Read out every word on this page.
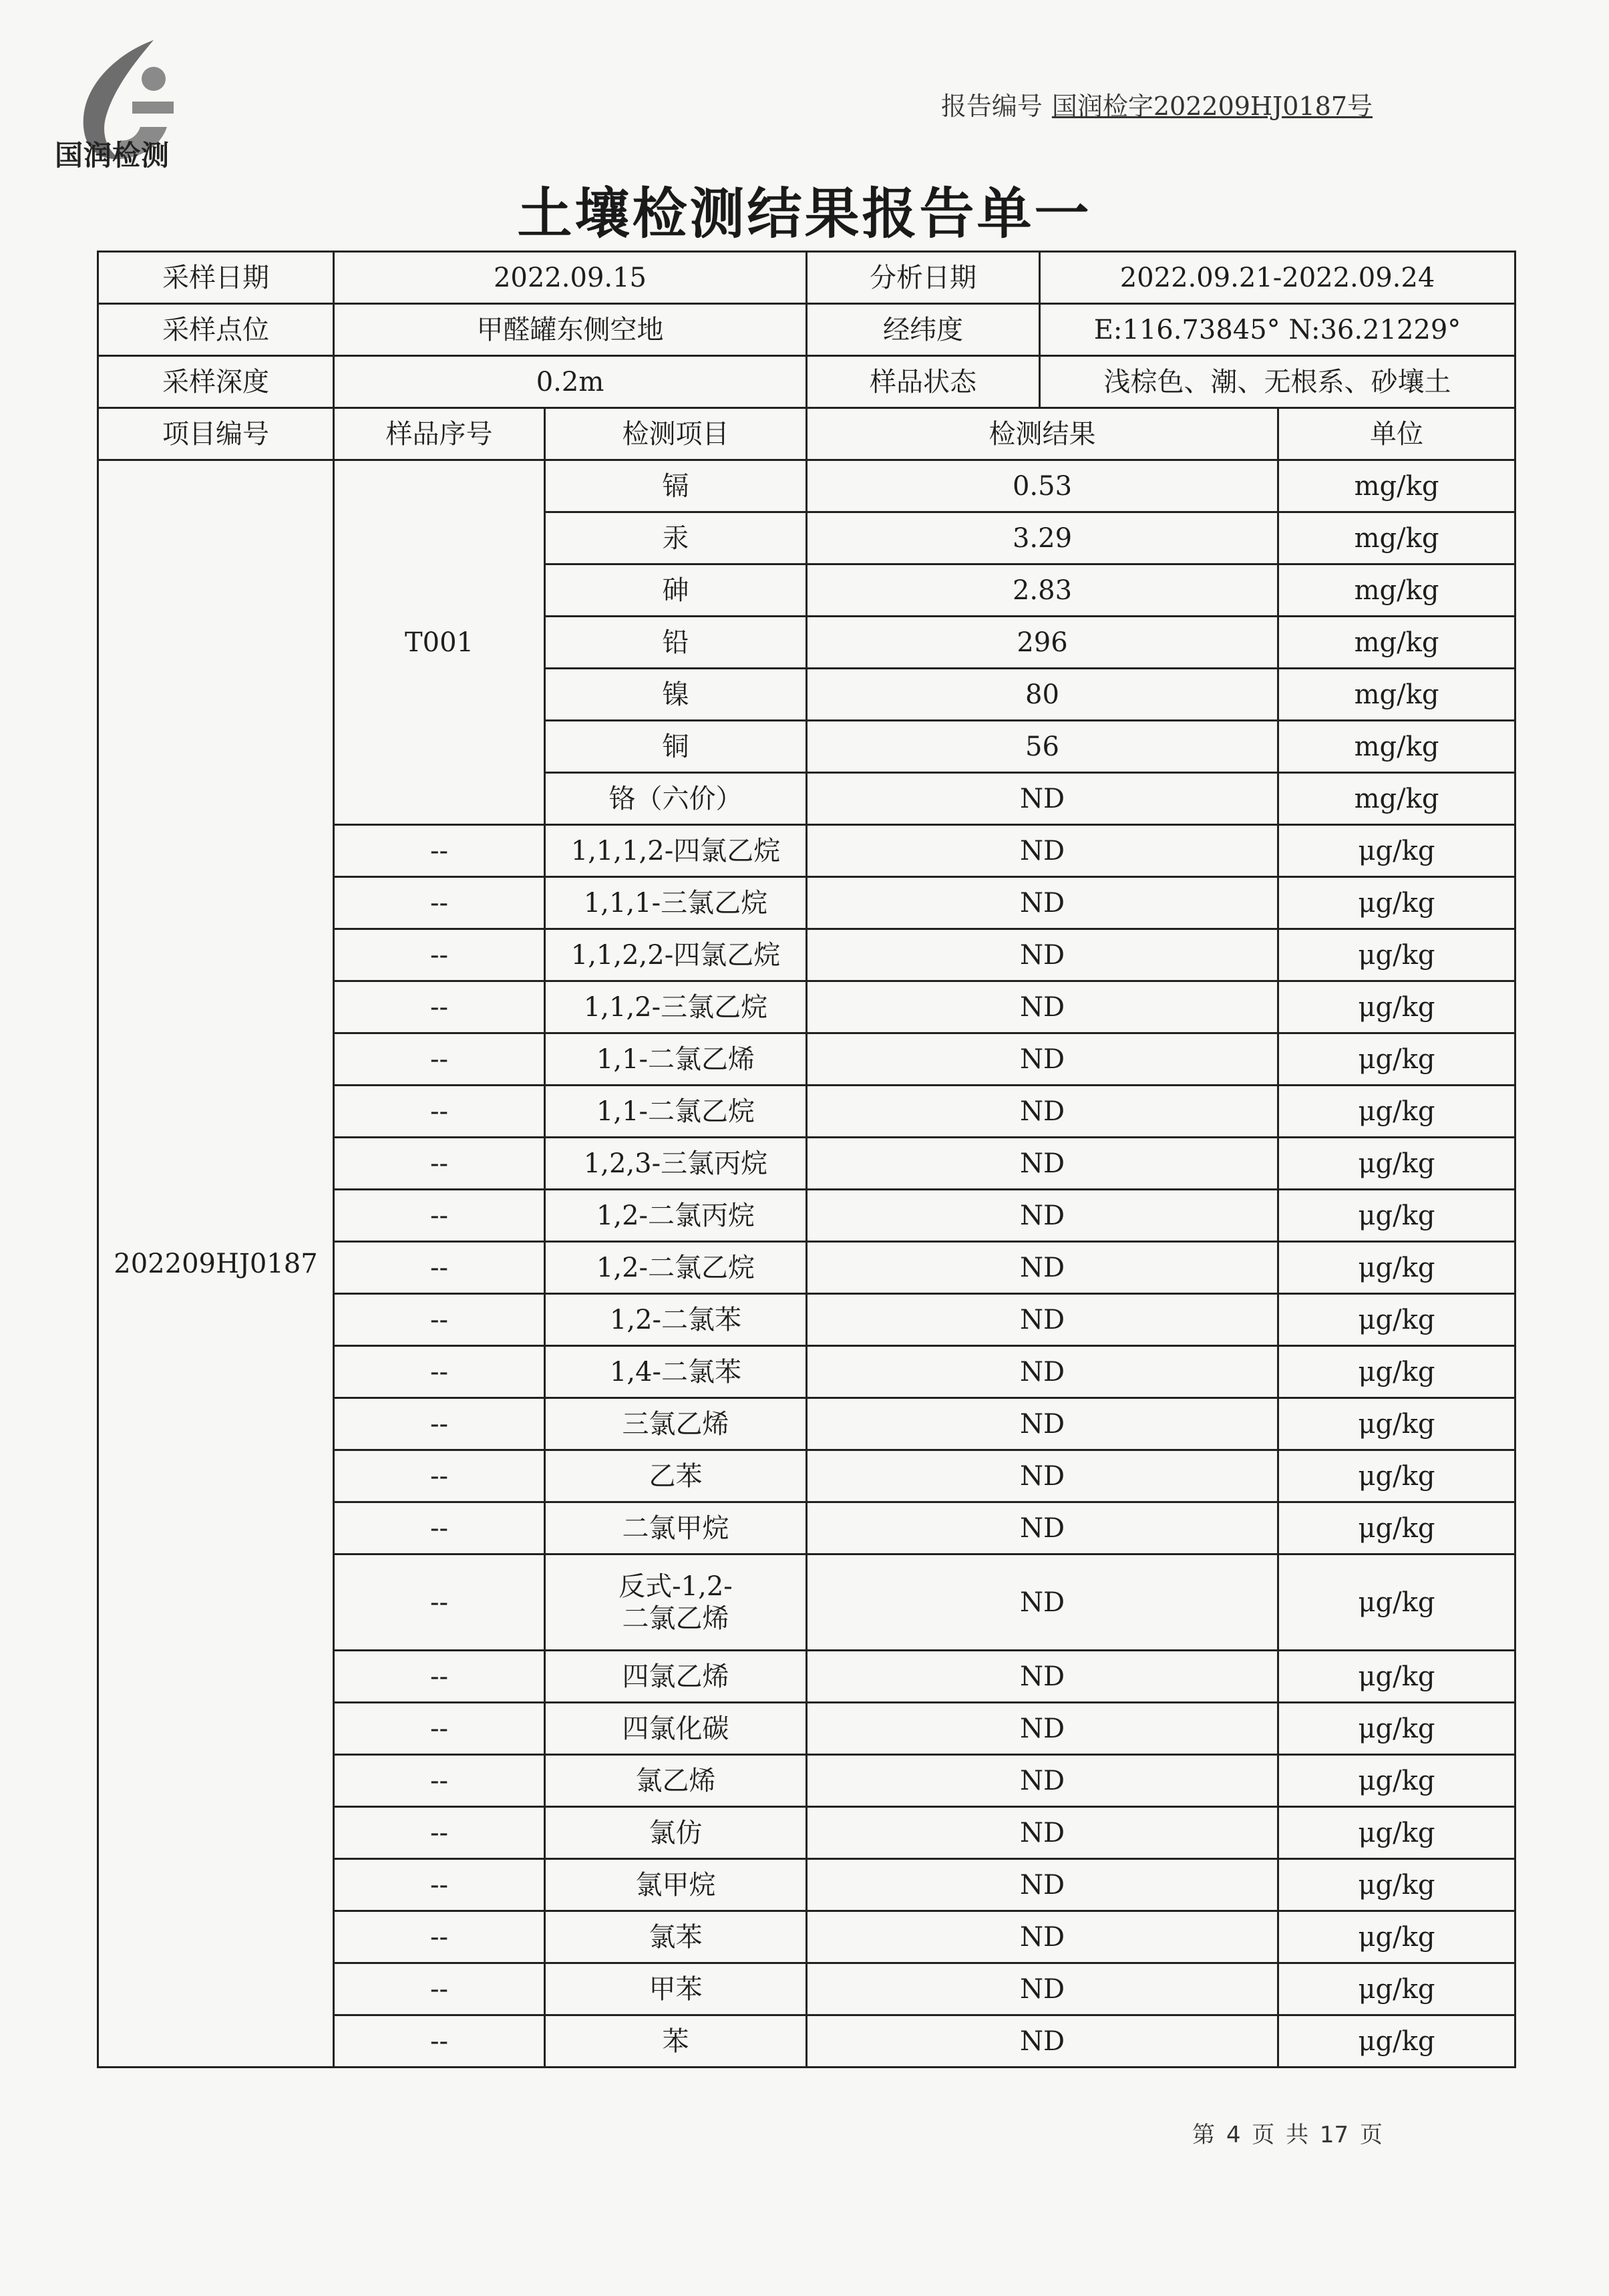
国润检测
报告编号 国润检字202209HJ0187号
土壤检测结果报告单一
采样日期	2022.09.15		分析日期	2022.09.21-2022.09.24	
采样点位	甲醛罐东侧空地		经纬度	E:116.73845° N:36.21229°	
采样深度	0.2m		样品状态	浅棕色、潮、无根系、砂壤土	
项目编号	样品序号	检测项目	检测结果		单位
202209HJ0187	T001	镉	0.53		mg/kg
		汞	3.29		mg/kg
		砷	2.83		mg/kg
		铅	296		mg/kg
		镍	80		mg/kg
		铜	56		mg/kg
		铬（六价）	ND		mg/kg
	--	1,1,1,2-四氯乙烷	ND		μg/kg
	--	1,1,1-三氯乙烷	ND		μg/kg
	--	1,1,2,2-四氯乙烷	ND		μg/kg
	--	1,1,2-三氯乙烷	ND		μg/kg
	--	1,1-二氯乙烯	ND		μg/kg
	--	1,1-二氯乙烷	ND		μg/kg
	--	1,2,3-三氯丙烷	ND		μg/kg
	--	1,2-二氯丙烷	ND		μg/kg
	--	1,2-二氯乙烷	ND		μg/kg
	--	1,2-二氯苯	ND		μg/kg
	--	1,4-二氯苯	ND		μg/kg
	--	三氯乙烯	ND		μg/kg
	--	乙苯	ND		μg/kg
	--	二氯甲烷	ND		μg/kg
	--	反式-1,2-
二氯乙烯	ND		μg/kg
	--	四氯乙烯	ND		μg/kg
	--	四氯化碳	ND		μg/kg
	--	氯乙烯	ND		μg/kg
	--	氯仿	ND		μg/kg
	--	氯甲烷	ND		μg/kg
	--	氯苯	ND		μg/kg
	--	甲苯	ND		μg/kg
	--	苯	ND		μg/kg
第 4 页 共 17 页
